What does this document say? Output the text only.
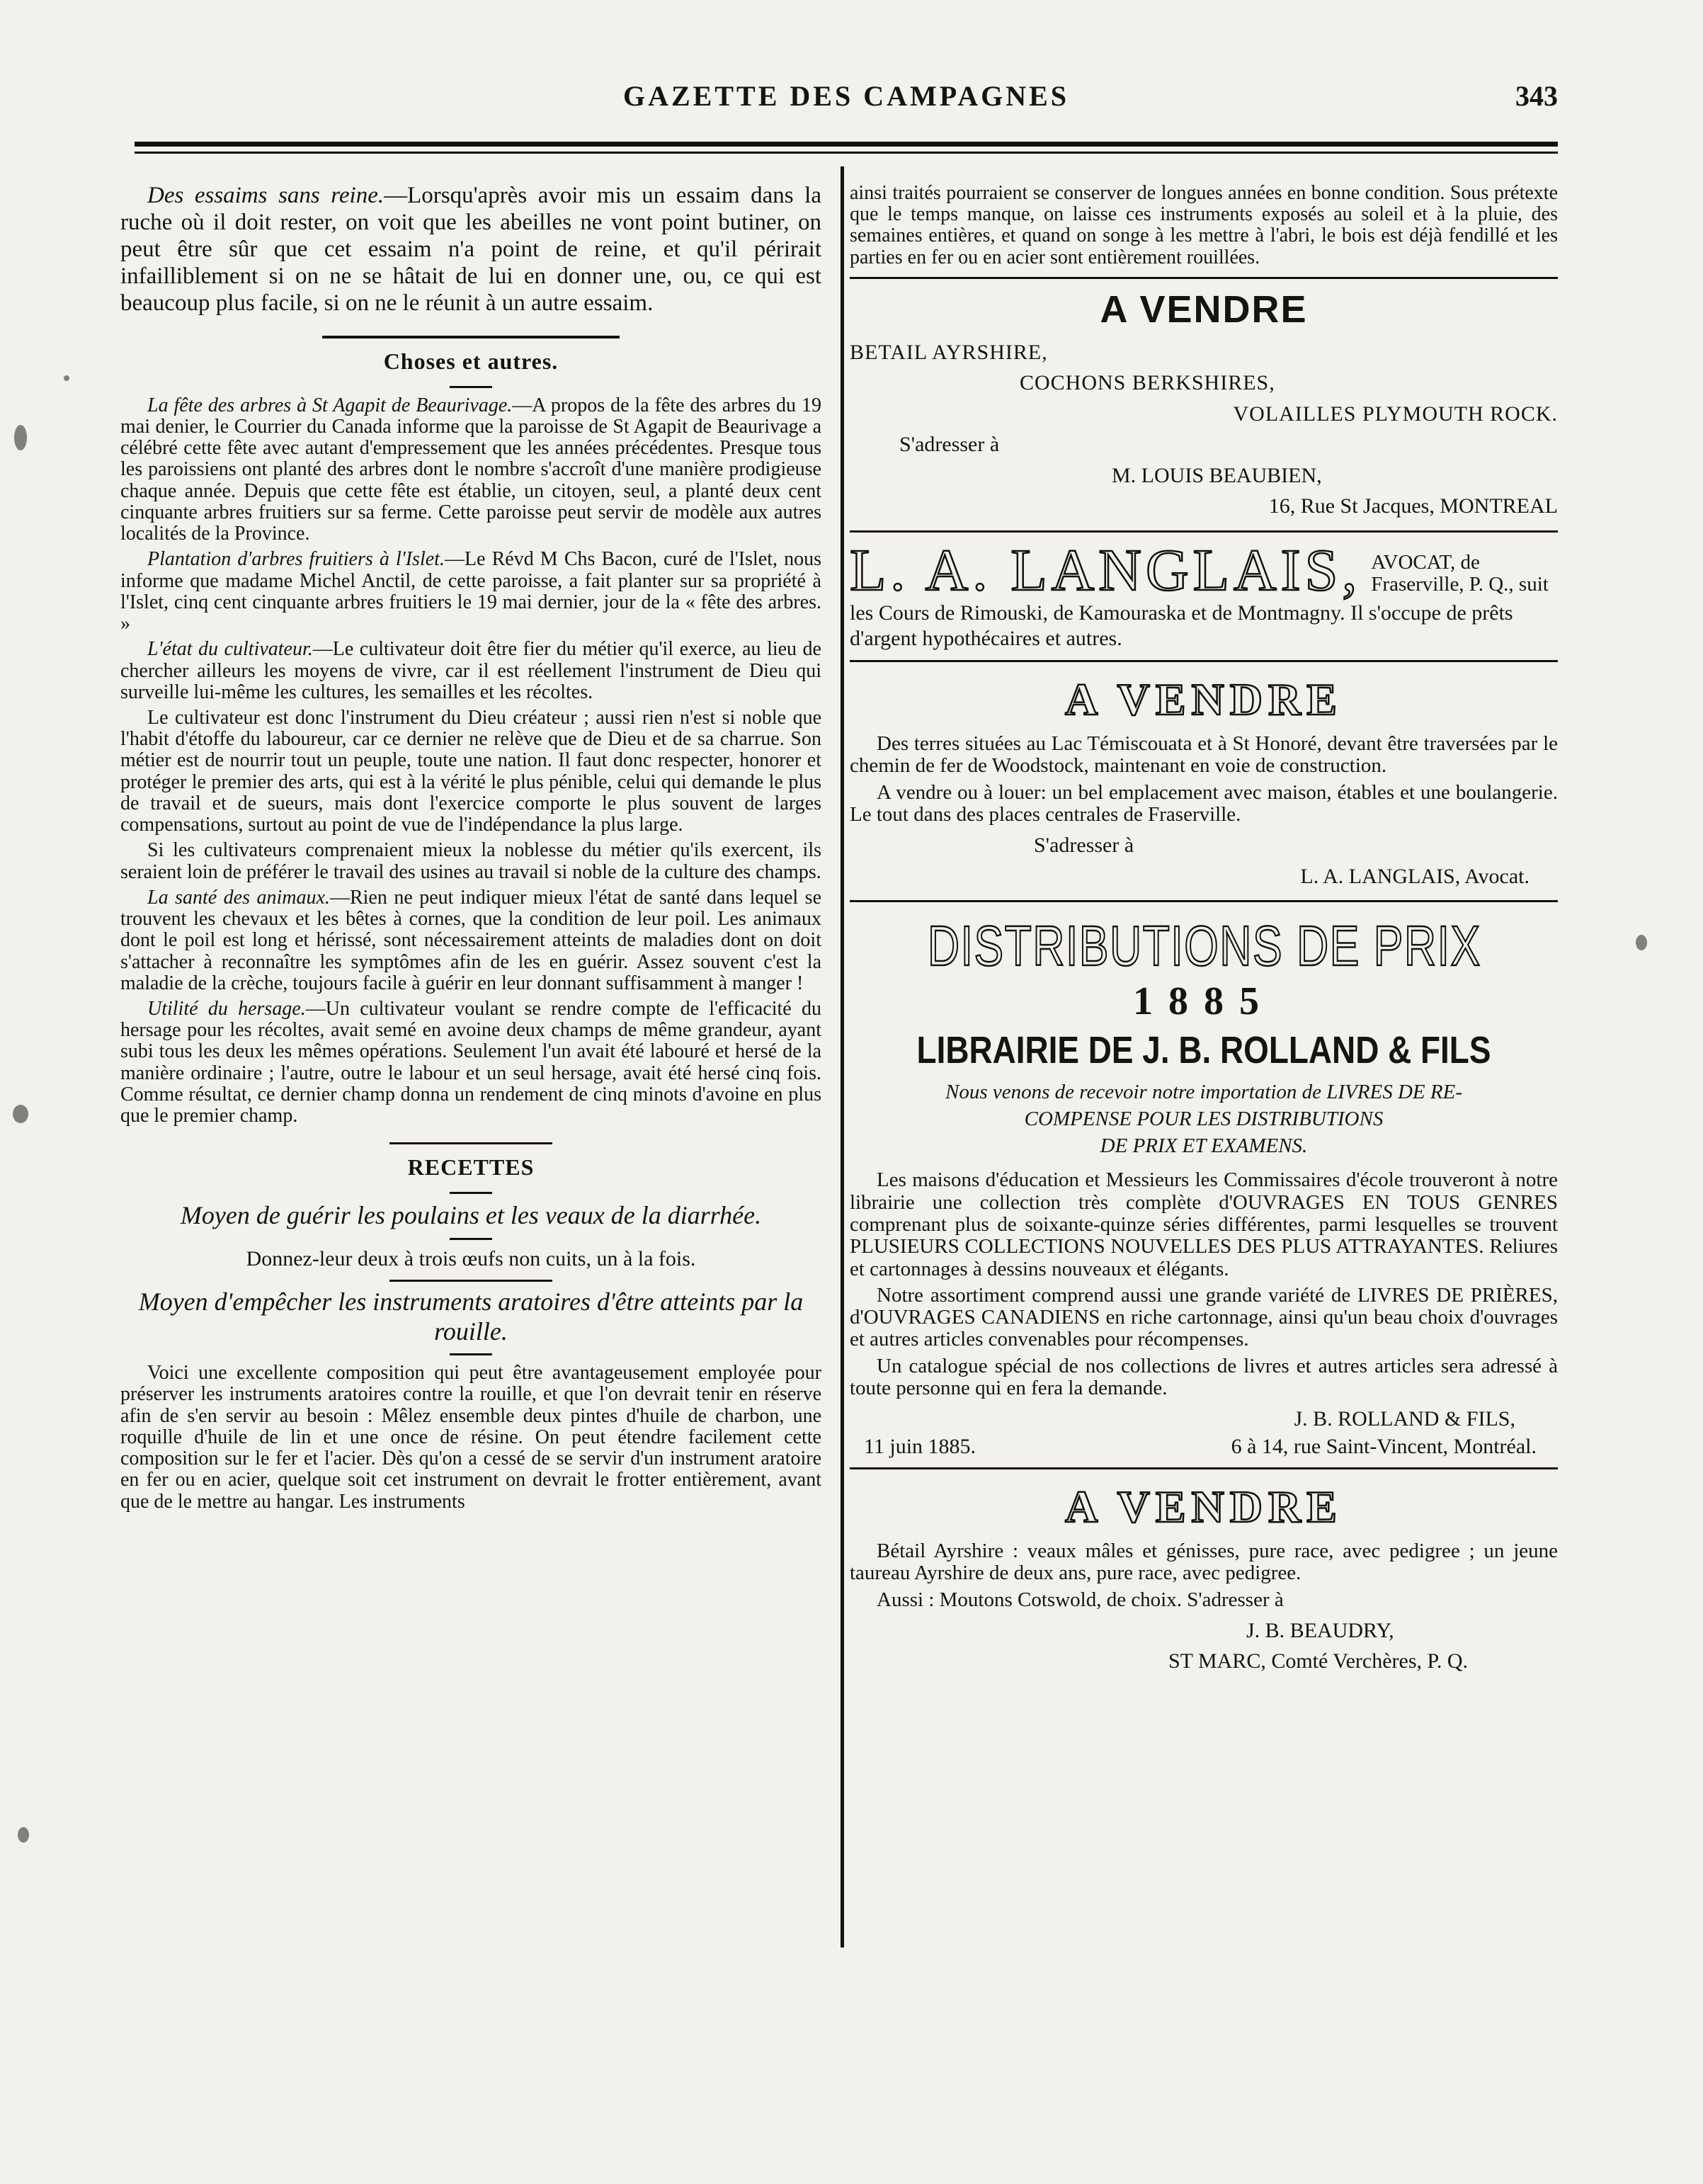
GAZETTE DES CAMPAGNES	343

Des essaims sans reine.—Lorsqu'après avoir mis un essaim dans la ruche où il doit rester, on voit que les abeilles ne vont point butiner, on peut être sûr que cet essaim n'a point de reine, et qu'il périrait infailliblement si on ne se hâtait de lui en donner une, ou, ce qui est beaucoup plus facile, si on ne le réunit à un autre essaim.

Choses et autres.

La fête des arbres à St Agapit de Beaurivage.—A propos de la fête des arbres du 19 mai denier, le Courrier du Canada informe que la paroisse de St Agapit de Beaurivage a célébré cette fête avec autant d'empressement que les années précédentes. Presque tous les paroissiens ont planté des arbres dont le nombre s'accroît d'une manière prodigieuse chaque année. Depuis que cette fête est établie, un citoyen, seul, a planté deux cent cinquante arbres fruitiers sur sa ferme. Cette paroisse peut servir de modèle aux autres localités de la Province.

Plantation d'arbres fruitiers à l'Islet.—Le Révd M Chs Bacon, curé de l'Islet, nous informe que madame Michel Anctil, de cette paroisse, a fait planter sur sa propriété à l'Islet, cinq cent cinquante arbres fruitiers le 19 mai dernier, jour de la « fête des arbres. »

L'état du cultivateur.—Le cultivateur doit être fier du métier qu'il exerce, au lieu de chercher ailleurs les moyens de vivre, car il est réellement l'instrument de Dieu qui surveille lui-même les cultures, les semailles et les récoltes.

Le cultivateur est donc l'instrument du Dieu créateur ; aussi rien n'est si noble que l'habit d'étoffe du laboureur, car ce dernier ne relève que de Dieu et de sa charrue. Son métier est de nourrir tout un peuple, toute une nation. Il faut donc respecter, honorer et protéger le premier des arts, qui est à la vérité le plus pénible, celui qui demande le plus de travail et de sueurs, mais dont l'exercice comporte le plus souvent de larges compensations, surtout au point de vue de l'indépendance la plus large.

Si les cultivateurs comprenaient mieux la noblesse du métier qu'ils exercent, ils seraient loin de préférer le travail des usines au travail si noble de la culture des champs.

La santé des animaux.—Rien ne peut indiquer mieux l'état de santé dans lequel se trouvent les chevaux et les bêtes à cornes, que la condition de leur poil. Les animaux dont le poil est long et hérissé, sont nécessairement atteints de maladies dont on doit s'attacher à reconnaître les symptômes afin de les en guérir. Assez souvent c'est la maladie de la crèche, toujours facile à guérir en leur donnant suffisamment à manger !

Utilité du hersage.—Un cultivateur voulant se rendre compte de l'efficacité du hersage pour les récoltes, avait semé en avoine deux champs de même grandeur, ayant subi tous les deux les mêmes opérations. Seulement l'un avait été labouré et hersé de la manière ordinaire ; l'autre, outre le labour et un seul hersage, avait été hersé cinq fois. Comme résultat, ce dernier champ donna un rendement de cinq minots d'avoine en plus que le premier champ.

RECETTES
Moyen de guérir les poulains et les veaux de la diarrhée.

Donnez-leur deux à trois œufs non cuits, un à la fois.

Moyen d'empêcher les instruments aratoires d'être atteints par la rouille.

Voici une excellente composition qui peut être avantageusement employée pour préserver les instruments aratoires contre la rouille, et que l'on devrait tenir en réserve afin de s'en servir au besoin : Mêlez ensemble deux pintes d'huile de charbon, une roquille d'huile de lin et une once de résine. On peut étendre facilement cette composition sur le fer et l'acier. Dès qu'on a cessé de se servir d'un instrument aratoire en fer ou en acier, quelque soit cet instrument on devrait le frotter entièrement, avant que de le mettre au hangar. Les instruments

ainsi traités pourraient se conserver de longues années en bonne condition. Sous prétexte que le temps manque, on laisse ces instruments exposés au soleil et à la pluie, des semaines entières, et quand on songe à les mettre à l'abri, le bois est déjà fendillé et les parties en fer ou en acier sont entièrement rouillées.

A VENDRE
BETAIL AYRSHIRE,
COCHONS BERKSHIRES,
VOLAILLES PLYMOUTH ROCK.
S'adresser à
M. LOUIS BEAUBIEN,
16, Rue St Jacques, MONTREAL
L. A. LANGLAIS, AVOCAT, de Fraserville, P. Q., suit
les Cours de Rimouski, de Kamouraska et de Montmagny. Il s'occupe de prêts d'argent hypothécaires et autres.
A VENDRE

Des terres situées au Lac Témiscouata et à St Honoré, devant être traversées par le chemin de fer de Woodstock, maintenant en voie de construction.

A vendre ou à louer: un bel emplacement avec maison, étables et une boulangerie. Le tout dans des places centrales de Fraserville.

S'adresser à
L. A. LANGLAIS, Avocat.
DISTRIBUTIONS DE PRIX
1885
LIBRAIRIE DE J. B. ROLLAND & FILS
Nous venons de recevoir notre importation de LIVRES DE RE-
COMPENSE POUR LES DISTRIBUTIONS
DE PRIX ET EXAMENS.

Les maisons d'éducation et Messieurs les Commissaires d'école trouveront à notre librairie une collection très complète d'OUVRAGES EN TOUS GENRES comprenant plus de soixante-quinze séries différentes, parmi lesquelles se trouvent PLUSIEURS COLLECTIONS NOUVELLES DES PLUS ATTRAYANTES. Reliures et cartonnages à dessins nouveaux et élégants.

Notre assortiment comprend aussi une grande variété de LIVRES DE PRIÈRES, d'OUVRAGES CANADIENS en riche cartonnage, ainsi qu'un beau choix d'ouvrages et autres articles convenables pour récompenses.

Un catalogue spécial de nos collections de livres et autres articles sera adressé à toute personne qui en fera la demande.

J. B. ROLLAND & FILS,
11 juin 1885.	6 à 14, rue Saint-Vincent, Montréal.
A VENDRE

Bétail Ayrshire : veaux mâles et génisses, pure race, avec pedigree ; un jeune taureau Ayrshire de deux ans, pure race, avec pedigree.

Aussi : Moutons Cotswold, de choix. S'adresser à

J. B. BEAUDRY,
ST MARC, Comté Verchères, P. Q.
